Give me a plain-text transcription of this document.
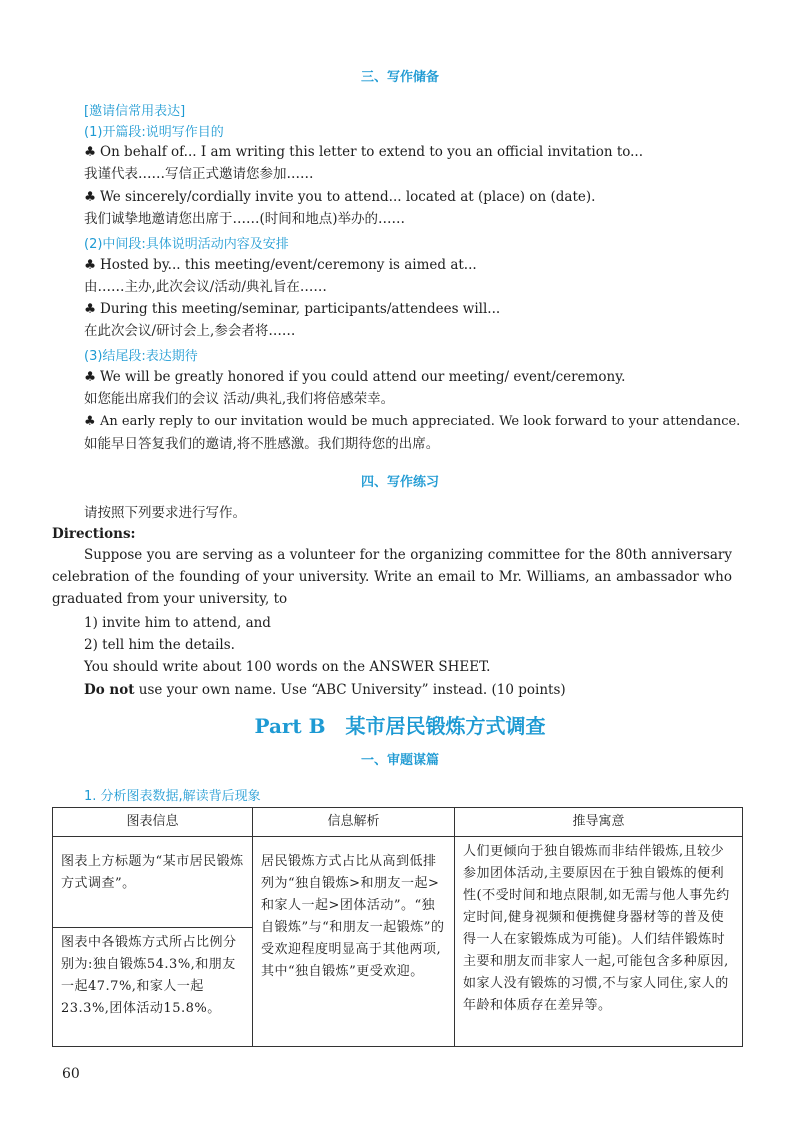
三、写作储备
[邀请信常用表达]
(1)开篇段:说明写作目的
♣ On behalf of... I am writing this letter to extend to you an official invitation to...
我谨代表……写信正式邀请您参加……
♣ We sincerely/cordially invite you to attend... located at (place) on (date).
我们诚挚地邀请您出席于……(时间和地点)举办的……
(2)中间段:具体说明活动内容及安排
♣ Hosted by... this meeting/event/ceremony is aimed at...
由……主办,此次会议/活动/典礼旨在……
♣ During this meeting/seminar, participants/attendees will...
在此次会议/研讨会上,参会者将……
(3)结尾段:表达期待
♣ We will be greatly honored if you could attend our meeting/ event/ceremony.
如您能出席我们的会议 活动/典礼,我们将倍感荣幸。
♣ An early reply to our invitation would be much appreciated. We look forward to your attendance.
如能早日答复我们的邀请,将不胜感激。我们期待您的出席。
四、写作练习
请按照下列要求进行写作。
Directions:
Suppose you are serving as a volunteer for the organizing committee for the 80th anniversary celebration of the founding of your university. Write an email to Mr. Williams, an ambassador who graduated from your university, to
1) invite him to attend, and
2) tell him the details.
You should write about 100 words on the ANSWER SHEET.
Do not use your own name. Use “ABC University” instead. (10 points)
Part B　某市居民锻炼方式调查
一、审题谋篇
1. 分析图表数据,解读背后现象
图表信息	信息解析	推导寓意
图表上方标题为“某市居民锻炼方式调查”。	居民锻炼方式占比从高到低排列为“独自锻炼>和朋友一起>和家人一起>团体活动”。“独自锻炼”与“和朋友一起锻炼”的受欢迎程度明显高于其他两项,其中“独自锻炼”更受欢迎。	人们更倾向于独自锻炼而非结伴锻炼,且较少参加团体活动,主要原因在于独自锻炼的便利性(不受时间和地点限制,如无需与他人事先约定时间,健身视频和便携健身器材等的普及使得一人在家锻炼成为可能)。人们结伴锻炼时主要和朋友而非家人一起,可能包含多种原因,如家人没有锻炼的习惯,不与家人同住,家人的年龄和体质存在差异等。
图表中各锻炼方式所占比例分别为:独自锻炼54.3%,和朋友一起47.7%,和家人一起23.3%,团体活动15.8%。		
60
